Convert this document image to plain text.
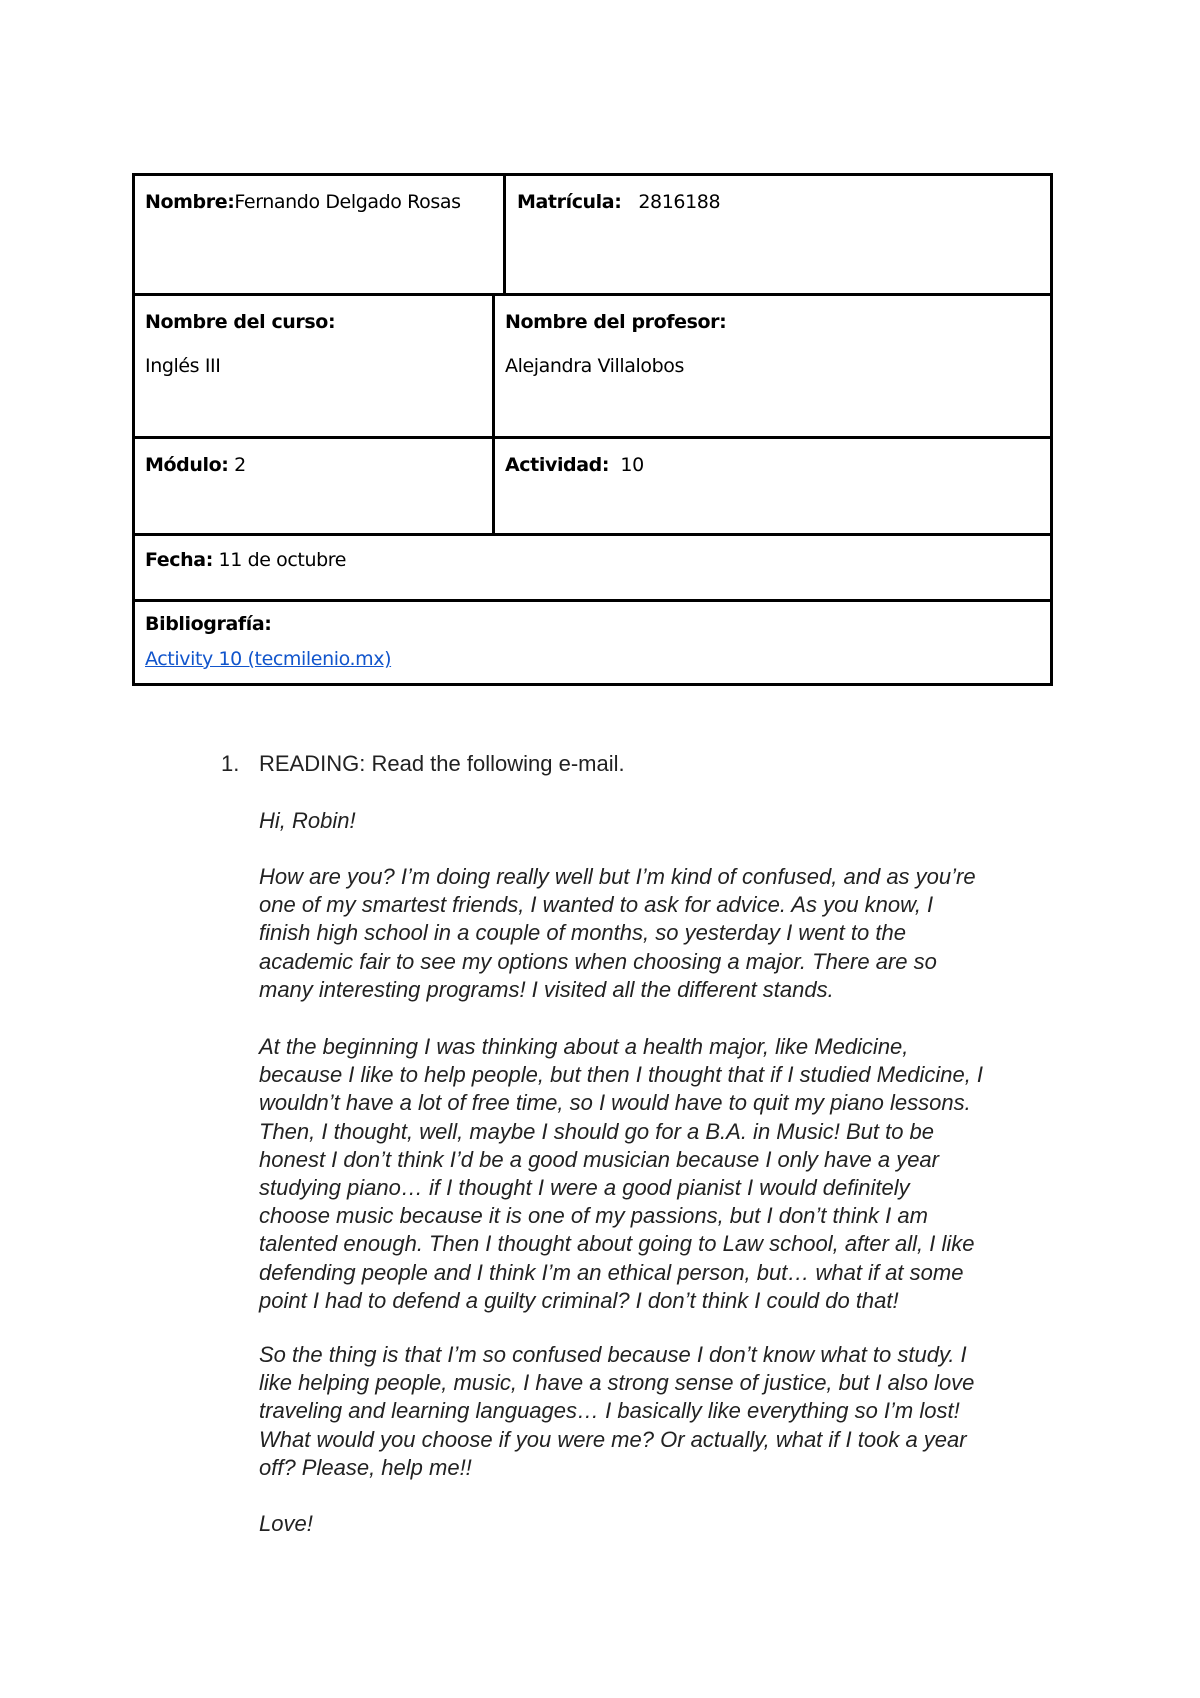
Nombre:Fernando Delgado Rosas	Matrícula: 2816188
Nombre del curso:
Inglés III
Nombre del profesor:
Alejandra Villalobos
Módulo: 2	Actividad: 10
Fecha: 11 de octubre
Bibliografía:
Activity 10 (tecmilenio.mx)
1. READING: Read the following e-mail.

Hi, Robin!

How are you? I’m doing really well but I’m kind of confused, and as you’re
one of my smartest friends, I wanted to ask for advice. As you know, I
finish high school in a couple of months, so yesterday I went to the
academic fair to see my options when choosing a major. There are so
many interesting programs! I visited all the different stands.

At the beginning I was thinking about a health major, like Medicine,
because I like to help people, but then I thought that if I studied Medicine, I
wouldn’t have a lot of free time, so I would have to quit my piano lessons.
Then, I thought, well, maybe I should go for a B.A. in Music! But to be
honest I don’t think I’d be a good musician because I only have a year
studying piano… if I thought I were a good pianist I would definitely
choose music because it is one of my passions, but I don’t think I am
talented enough. Then I thought about going to Law school, after all, I like
defending people and I think I’m an ethical person, but… what if at some
point I had to defend a guilty criminal? I don’t think I could do that!

So the thing is that I’m so confused because I don’t know what to study. I
like helping people, music, I have a strong sense of justice, but I also love
traveling and learning languages… I basically like everything so I’m lost!
What would you choose if you were me? Or actually, what if I took a year
off? Please, help me!!

Love!
